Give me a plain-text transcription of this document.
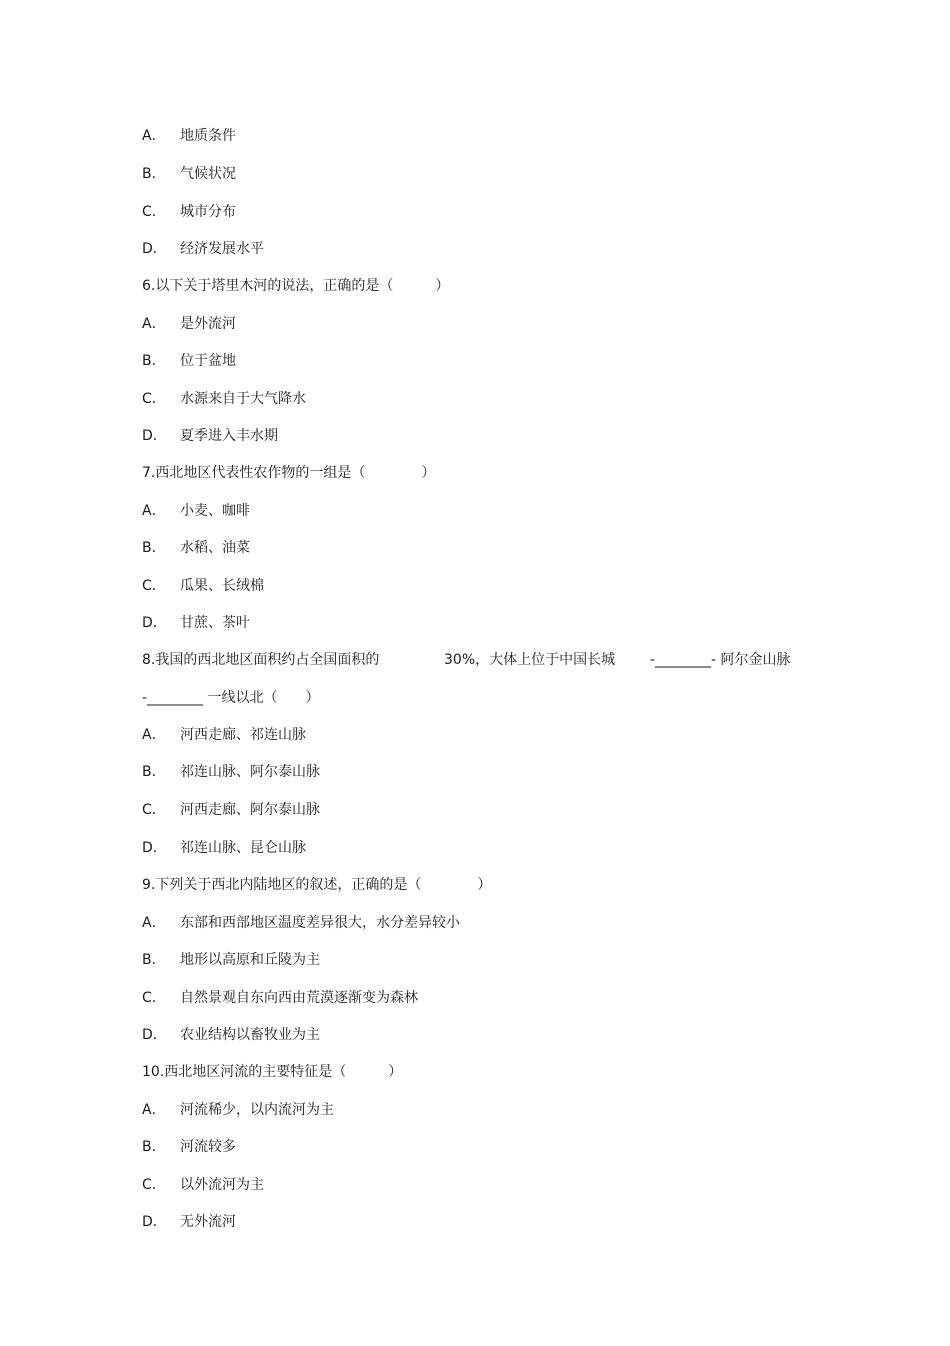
A． 地质条件
B． 气候状况
C． 城市分布
D． 经济发展水平
6.以下关于塔里木河的说法，正确的是（　　　）
A． 是外流河
B． 位于盆地
C． 水源来自于大气降水
D． 夏季进入丰水期
7.西北地区代表性农作物的一组是（　　　　）
A． 小麦、咖啡
B． 水稻、油菜
C． 瓜果、长绒棉
D． 甘蔗、茶叶
8.我国的西北地区面积约占全国面积的	30%，大体上位于中国长城 -________- 阿尔金山脉
-________ 一线以北（　　）
A． 河西走廊、祁连山脉
B． 祁连山脉、阿尔泰山脉
C． 河西走廊、阿尔泰山脉
D． 祁连山脉、昆仑山脉
9.下列关于西北内陆地区的叙述，正确的是（　　　　）
A． 东部和西部地区温度差异很大，水分差异较小
B． 地形以高原和丘陵为主
C． 自然景观自东向西由荒漠逐渐变为森林
D． 农业结构以畜牧业为主
10.西北地区河流的主要特征是（　　　）
A． 河流稀少，以内流河为主
B． 河流较多
C． 以外流河为主
D． 无外流河
